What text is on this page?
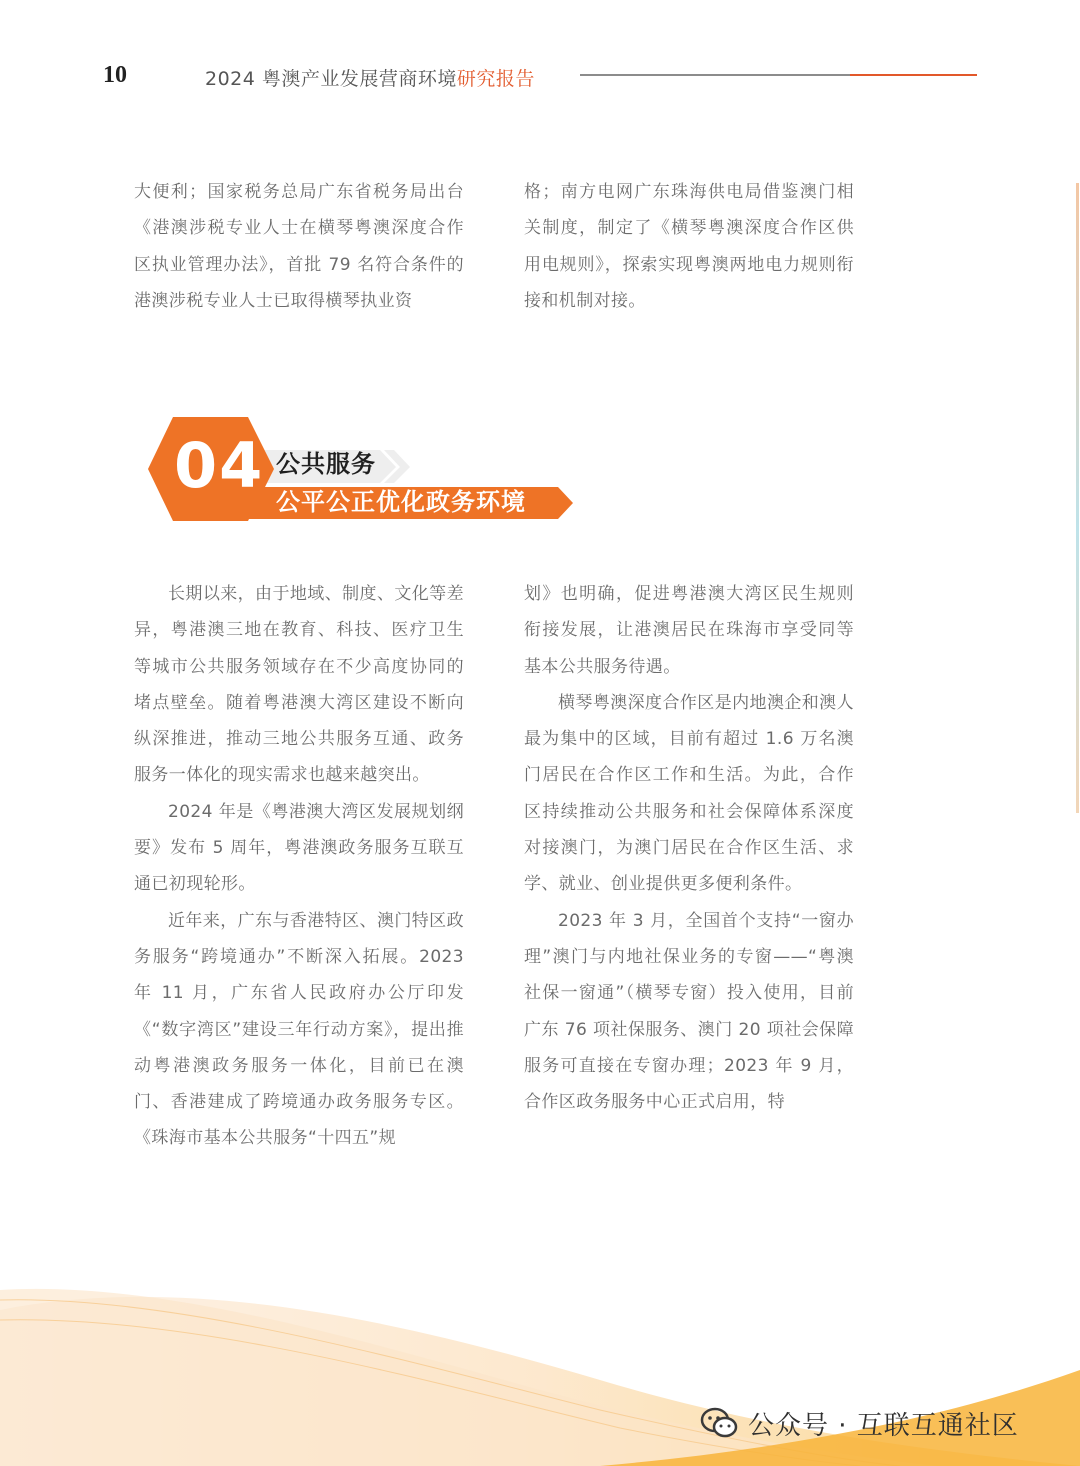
10	2024 粤澳产业发展营商环境研究报告

大便利；国家税务总局广东省税务局出台《港澳涉税专业人士在横琴粤澳深度合作区执业管理办法》，首批 79 名符合条件的港澳涉税专业人士已取得横琴执业资

格；南方电网广东珠海供电局借鉴澳门相关制度，制定了《横琴粤澳深度合作区供用电规则》，探索实现粤澳两地电力规则衔接和机制对接。

04 公共服务
公平公正优化政务环境

长期以来，由于地域、制度、文化等差异，粤港澳三地在教育、科技、医疗卫生等城市公共服务领域存在不少高度协同的堵点壁垒。随着粤港澳大湾区建设不断向纵深推进，推动三地公共服务互通、政务服务一体化的现实需求也越来越突出。

2024 年是《粤港澳大湾区发展规划纲要》发布 5 周年，粤港澳政务服务互联互通已初现轮形。

近年来，广东与香港特区、澳门特区政务服务“跨境通办”不断深入拓展。2023 年 11 月，广东省人民政府办公厅印发《“数字湾区”建设三年行动方案》，提出推动粤港澳政务服务一体化，目前已在澳门、香港建成了跨境通办政务服务专区。《珠海市基本公共服务“十四五”规

划》也明确，促进粤港澳大湾区民生规则衔接发展，让港澳居民在珠海市享受同等基本公共服务待遇。

横琴粤澳深度合作区是内地澳企和澳人最为集中的区域，目前有超过 1.6 万名澳门居民在合作区工作和生活。为此，合作区持续推动公共服务和社会保障体系深度对接澳门，为澳门居民在合作区生活、求学、就业、创业提供更多便利条件。

2023 年 3 月，全国首个支持“一窗办理”澳门与内地社保业务的专窗——“粤澳社保一窗通”（横琴专窗）投入使用，目前广东 76 项社保服务、澳门 20 项社会保障服务可直接在专窗办理；2023 年 9 月，合作区政务服务中心正式启用，特

公众号 · 互联互通社区
